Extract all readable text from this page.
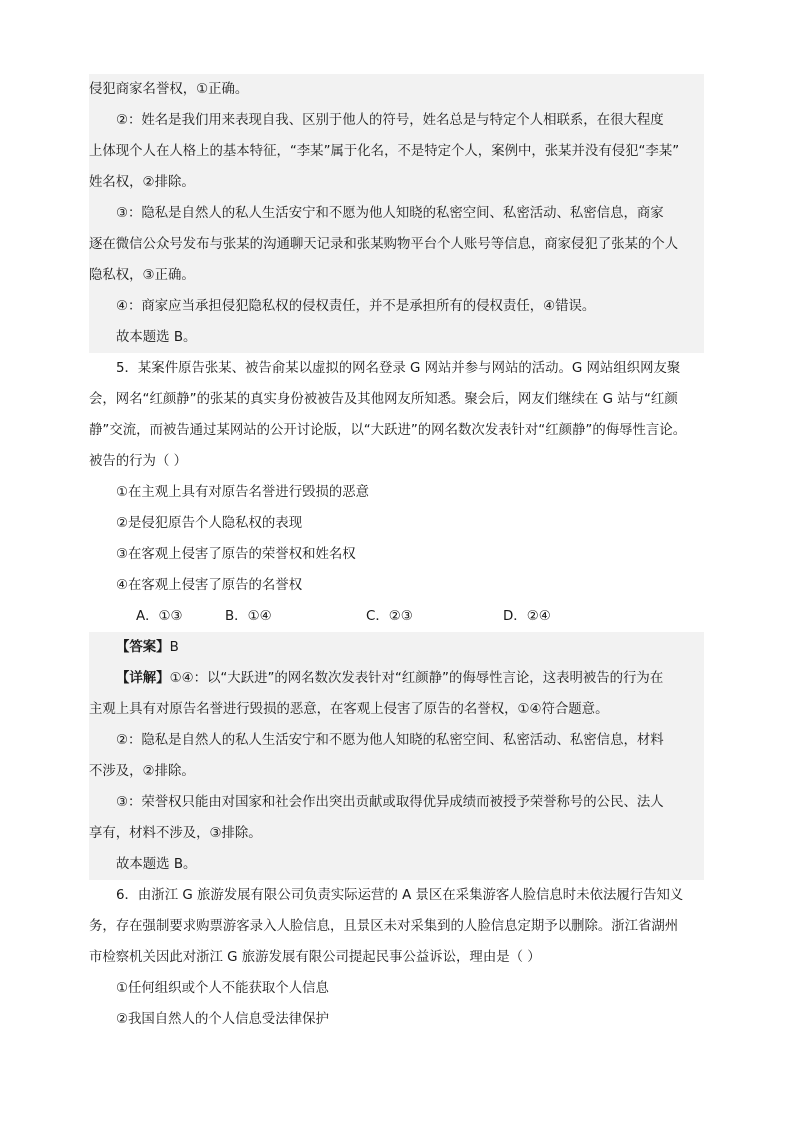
侵犯商家名誉权，①正确。
②：姓名是我们用来表现自我、区别于他人的符号，姓名总是与特定个人相联系，在很大程度
上体现个人在人格上的基本特征，“李某”属于化名，不是特定个人，案例中，张某并没有侵犯“李某”
姓名权，②排除。
③：隐私是自然人的私人生活安宁和不愿为他人知晓的私密空间、私密活动、私密信息，商家
逐在微信公众号发布与张某的沟通聊天记录和张某购物平台个人账号等信息，商家侵犯了张某的个人
隐私权，③正确。
④：商家应当承担侵犯隐私权的侵权责任，并不是承担所有的侵权责任，④错误。
故本题选 B。
5．某案件原告张某、被告俞某以虚拟的网名登录 G 网站并参与网站的活动。G 网站组织网友聚
会，网名“红颜静”的张某的真实身份被被告及其他网友所知悉。聚会后，网友们继续在 G 站与“红颜
静”交流，而被告通过某网站的公开讨论版，以“大跃进”的网名数次发表针对“红颜静”的侮辱性言论。
被告的行为（ ）
①在主观上具有对原告名誉进行毁损的恶意
②是侵犯原告个人隐私权的表现
③在客观上侵害了原告的荣誉权和姓名权
④在客观上侵害了原告的名誉权
A．①③	B．①④	C．②③	D．②④
【答案】B
【详解】①④：以“大跃进”的网名数次发表针对“红颜静”的侮辱性言论，这表明被告的行为在
主观上具有对原告名誉进行毁损的恶意，在客观上侵害了原告的名誉权，①④符合题意。
②：隐私是自然人的私人生活安宁和不愿为他人知晓的私密空间、私密活动、私密信息，材料
不涉及，②排除。
③：荣誉权只能由对国家和社会作出突出贡献或取得优异成绩而被授予荣誉称号的公民、法人
享有，材料不涉及，③排除。
故本题选 B。
6．由浙江 G 旅游发展有限公司负责实际运营的 A 景区在采集游客人脸信息时未依法履行告知义
务，存在强制要求购票游客录入人脸信息，且景区未对采集到的人脸信息定期予以删除。浙江省湖州
市检察机关因此对浙江 G 旅游发展有限公司提起民事公益诉讼，理由是（ ）
①任何组织或个人不能获取个人信息
②我国自然人的个人信息受法律保护
